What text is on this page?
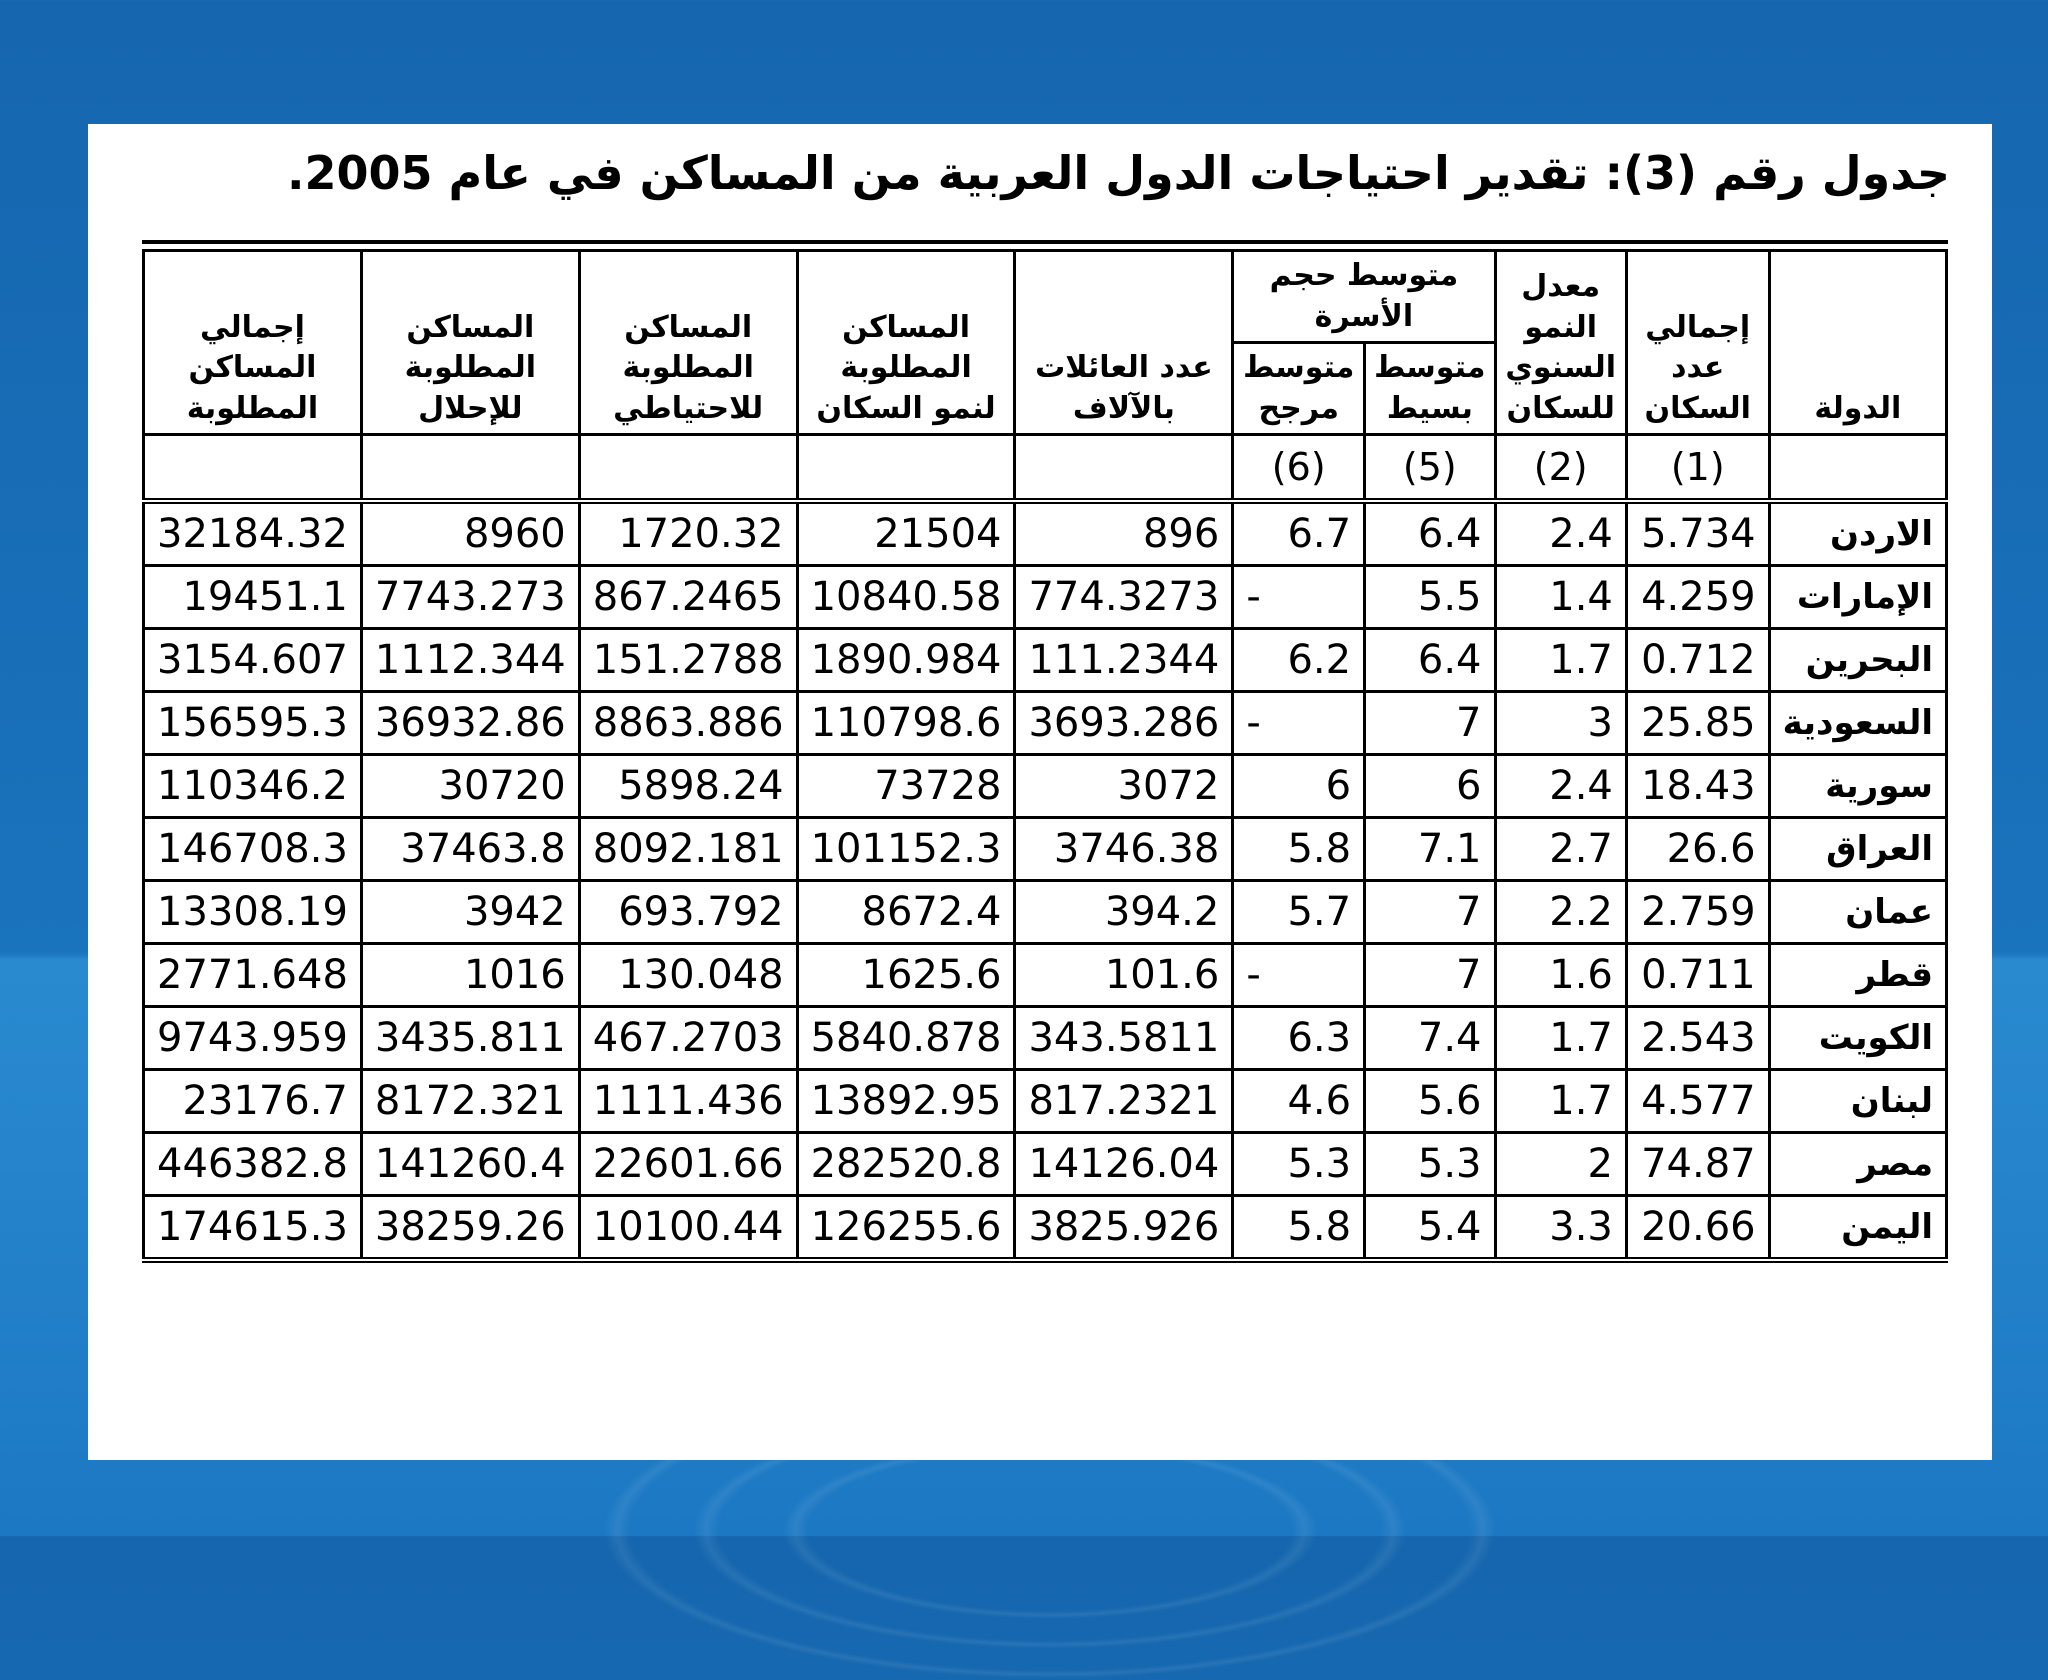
جدول رقم (3): تقدير احتياجات الدول العربية من المساكن في عام 2005.
الدولة	إجمالي عدد السكان	معدل النمو السنوي للسكان	متوسط حجم الأسرة		عدد العائلات بالآلاف	المساكن المطلوبة لنمو السكان	المساكن المطلوبة للاحتياطي	المساكن المطلوبة للإحلال	إجمالي المساكن المطلوبة
			متوسط بسيط	متوسط مرجح					
	(1)	(2)	(5)	(6)					
الاردن	5.734	2.4	6.4	6.7	896	21504	1720.32	8960	32184.32
الإمارات	4.259	1.4	5.5	-	774.3273	10840.58	867.2465	7743.273	19451.1
البحرين	0.712	1.7	6.4	6.2	111.2344	1890.984	151.2788	1112.344	3154.607
السعودية	25.85	3	7	-	3693.286	110798.6	8863.886	36932.86	156595.3
سورية	18.43	2.4	6	6	3072	73728	5898.24	30720	110346.2
العراق	26.6	2.7	7.1	5.8	3746.38	101152.3	8092.181	37463.8	146708.3
عمان	2.759	2.2	7	5.7	394.2	8672.4	693.792	3942	13308.19
قطر	0.711	1.6	7	-	101.6	1625.6	130.048	1016	2771.648
الكويت	2.543	1.7	7.4	6.3	343.5811	5840.878	467.2703	3435.811	9743.959
لبنان	4.577	1.7	5.6	4.6	817.2321	13892.95	1111.436	8172.321	23176.7
مصر	74.87	2	5.3	5.3	14126.04	282520.8	22601.66	141260.4	446382.8
اليمن	20.66	3.3	5.4	5.8	3825.926	126255.6	10100.44	38259.26	174615.3
